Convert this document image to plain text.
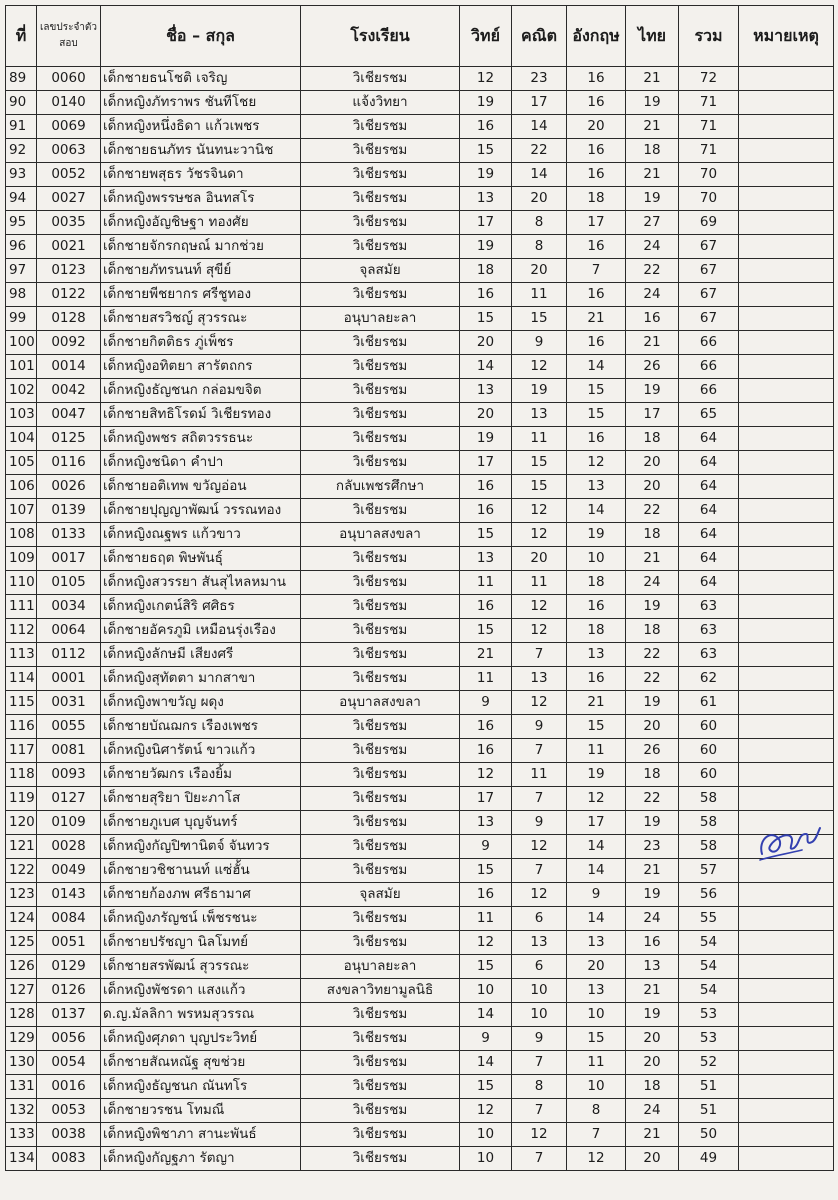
ที่	เลขประจำตัวสอบ	ชื่อ – สกุล	โรงเรียน	วิทย์	คณิต	อังกฤษ	ไทย	รวม	หมายเหตุ
89	0060	เด็กชายธนโชติ เจริญ	วิเชียรชม	12	23	16	21	72	
90	0140	เด็กหญิงภัทราพร ชันทีโชย	แจ้งวิทยา	19	17	16	19	71	
91	0069	เด็กหญิงหนึ่งธิดา แก้วเพชร	วิเชียรชม	16	14	20	21	71	
92	0063	เด็กชายธนภัทร นันทนะวานิช	วิเชียรชม	15	22	16	18	71	
93	0052	เด็กชายพสุธร วัชรจินดา	วิเชียรชม	19	14	16	21	70	
94	0027	เด็กหญิงพรรษชล อินทสโร	วิเชียรชม	13	20	18	19	70	
95	0035	เด็กหญิงอัญชิษฐา ทองศัย	วิเชียรชม	17	8	17	27	69	
96	0021	เด็กชายจักรกฤษณ์ มากช่วย	วิเชียรชม	19	8	16	24	67	
97	0123	เด็กชายภัทรนนท์ สุขีย์	จุลสมัย	18	20	7	22	67	
98	0122	เด็กชายพีชยากร ศรีชูทอง	วิเชียรชม	16	11	16	24	67	
99	0128	เด็กชายสรวิชญ์ สุวรรณะ	อนุบาลยะลา	15	15	21	16	67	
100	0092	เด็กชายกิตติธร ภู่เพ็ชร	วิเชียรชม	20	9	16	21	66	
101	0014	เด็กหญิงอทิตยา สารัตถกร	วิเชียรชม	14	12	14	26	66	
102	0042	เด็กหญิงธัญชนก กล่อมขจิต	วิเชียรชม	13	19	15	19	66	
103	0047	เด็กชายสิทธิโรดม์ วิเชียรทอง	วิเชียรชม	20	13	15	17	65	
104	0125	เด็กหญิงพชร สถิตวรรธนะ	วิเชียรชม	19	11	16	18	64	
105	0116	เด็กหญิงชนิดา คำปา	วิเชียรชม	17	15	12	20	64	
106	0026	เด็กชายอติเทพ ขวัญอ่อน	กลับเพชรศึกษา	16	15	13	20	64	
107	0139	เด็กชายปุญญาพัฒน์ วรรณทอง	วิเชียรชม	16	12	14	22	64	
108	0133	เด็กหญิงณฐพร แก้วขาว	อนุบาลสงขลา	15	12	19	18	64	
109	0017	เด็กชายธฤต พิษพันธุ์	วิเชียรชม	13	20	10	21	64	
110	0105	เด็กหญิงสวรรยา สันสุไหลหมาน	วิเชียรชม	11	11	18	24	64	
111	0034	เด็กหญิงเกตน์สิริ ศศิธร	วิเชียรชม	16	12	16	19	63	
112	0064	เด็กชายอัครภูมิ เหมือนรุ่งเรือง	วิเชียรชม	15	12	18	18	63	
113	0112	เด็กหญิงลักษมี เสียงศรี	วิเชียรชม	21	7	13	22	63	
114	0001	เด็กหญิงสุทัตตา มากสาขา	วิเชียรชม	11	13	16	22	62	
115	0031	เด็กหญิงพาขวัญ ผดุง	อนุบาลสงขลา	9	12	21	19	61	
116	0055	เด็กชายบัณฌกร เรืองเพชร	วิเชียรชม	16	9	15	20	60	
117	0081	เด็กหญิงนิศารัตน์ ขาวแก้ว	วิเชียรชม	16	7	11	26	60	
118	0093	เด็กชายวัฒกร เรืองยิ้ม	วิเชียรชม	12	11	19	18	60	
119	0127	เด็กชายสุริยา ปิยะภาโส	วิเชียรชม	17	7	12	22	58	
120	0109	เด็กชายภูเบศ บุญจันทร์	วิเชียรชม	13	9	17	19	58	
121	0028	เด็กหญิงกัญปิฑานิตจ์ จันทวร	วิเชียรชม	9	12	14	23	58	
122	0049	เด็กชายวชิชานนท์ แซ่ฮั้น	วิเชียรชม	15	7	14	21	57	
123	0143	เด็กชายก้องภพ ศรีธามาศ	จุลสมัย	16	12	9	19	56	
124	0084	เด็กหญิงภรัญชน์ เพ็ชรชนะ	วิเชียรชม	11	6	14	24	55	
125	0051	เด็กชายปรัชญา นิลโมทย์	วิเชียรชม	12	13	13	16	54	
126	0129	เด็กชายสรพัฒน์ สุวรรณะ	อนุบาลยะลา	15	6	20	13	54	
127	0126	เด็กหญิงพัชรดา แสงแก้ว	สงขลาวิทยามูลนิธิ	10	10	13	21	54	
128	0137	ด.ญ.มัลลิกา พรหมสุวรรณ	วิเชียรชม	14	10	10	19	53	
129	0056	เด็กหญิงศุภดา บุญประวิทย์	วิเชียรชม	9	9	15	20	53	
130	0054	เด็กชายสัณหณัฐ สุขช่วย	วิเชียรชม	14	7	11	20	52	
131	0016	เด็กหญิงธัญชนก ณันทโร	วิเชียรชม	15	8	10	18	51	
132	0053	เด็กชายวรชน โทมณี	วิเชียรชม	12	7	8	24	51	
133	0038	เด็กหญิงพิชาภา สานะพันธ์	วิเชียรชม	10	12	7	21	50	
134	0083	เด็กหญิงกัญฐภา รัตญา	วิเชียรชม	10	7	12	20	49	
